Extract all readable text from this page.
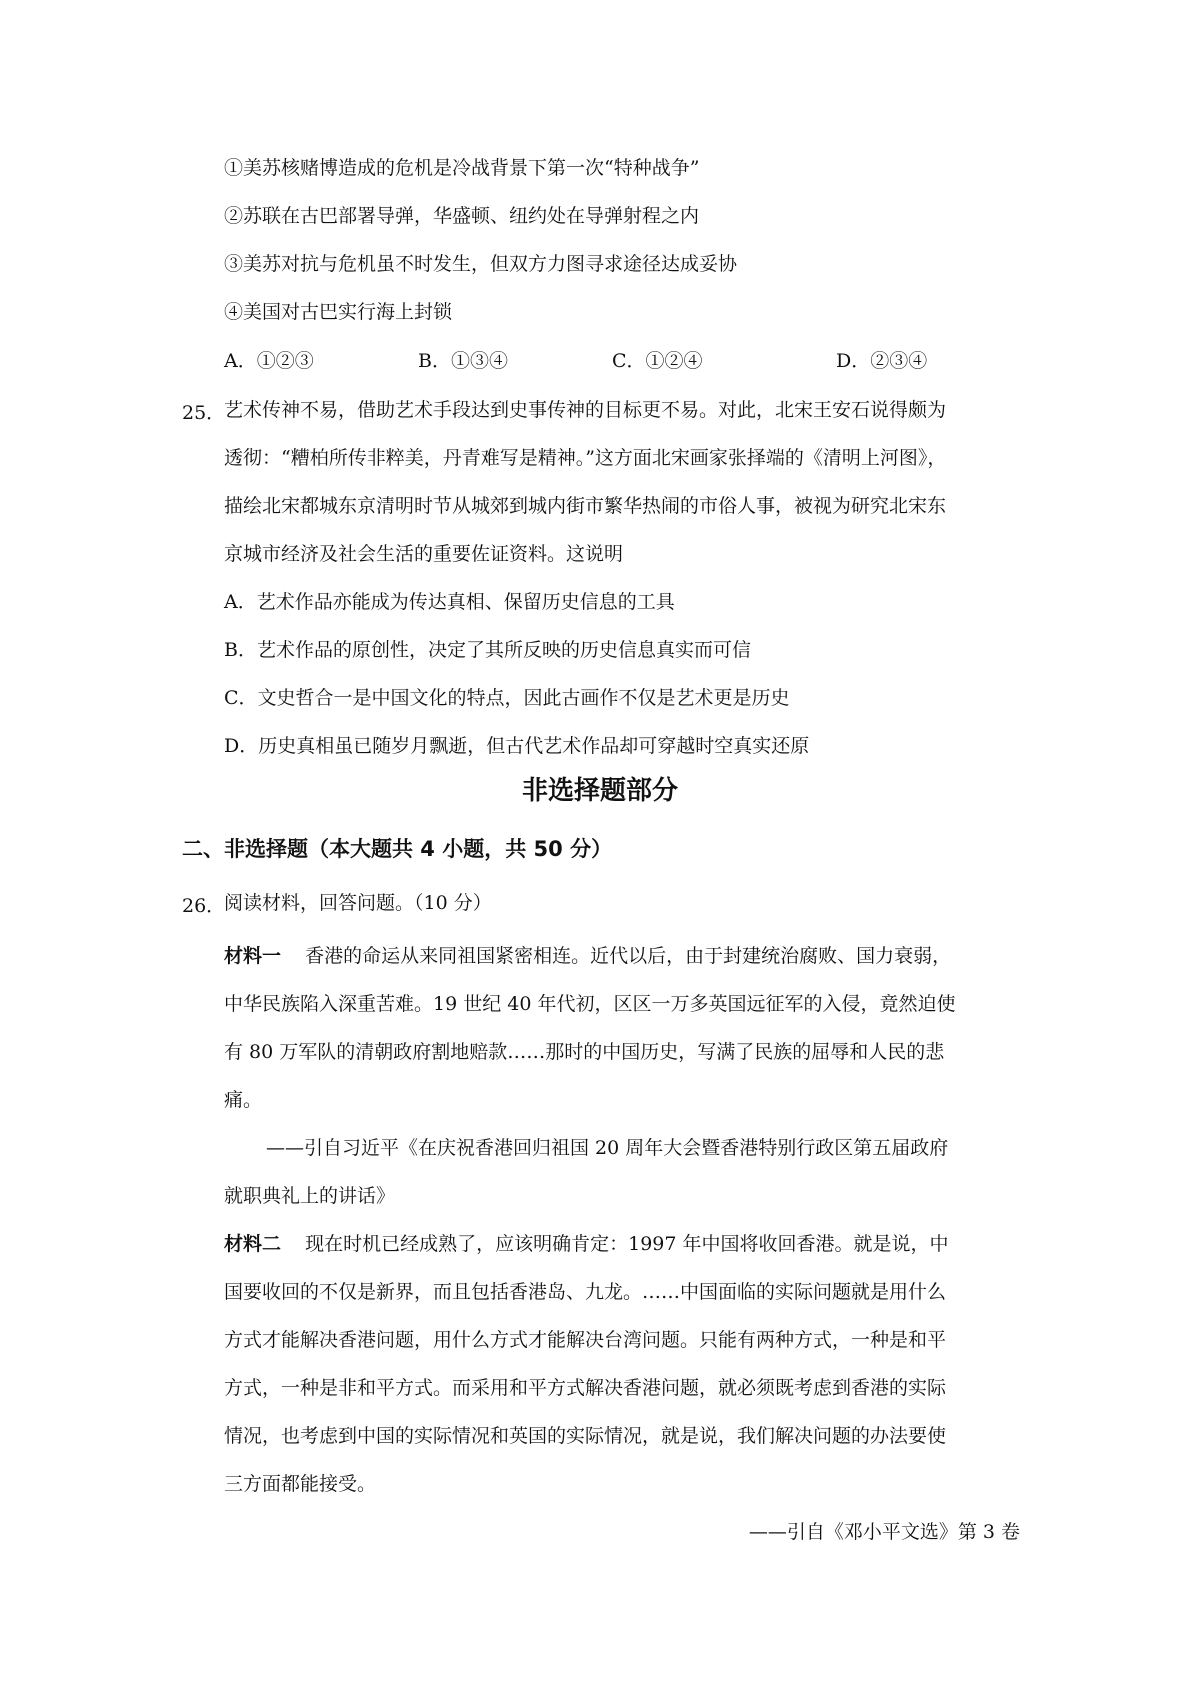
①美苏核赌博造成的危机是冷战背景下第一次“特种战争”
②苏联在古巴部署导弹，华盛顿、纽约处在导弹射程之内
③美苏对抗与危机虽不时发生，但双方力图寻求途径达成妥协
④美国对古巴实行海上封锁
A．①②③	B．①③④	C．①②④	D．②③④
25．
艺术传神不易，借助艺术手段达到史事传神的目标更不易。对此，北宋王安石说得颇为
透彻：“糟柏所传非粹美，丹青难写是精神。”这方面北宋画家张择端的《清明上河图》，
描绘北宋都城东京清明时节从城郊到城内街市繁华热闹的市俗人事，被视为研究北宋东
京城市经济及社会生活的重要佐证资料。这说明
A．艺术作品亦能成为传达真相、保留历史信息的工具
B．艺术作品的原创性，决定了其所反映的历史信息真实而可信
C．文史哲合一是中国文化的特点，因此古画作不仅是艺术更是历史
D．历史真相虽已随岁月飘逝，但古代艺术作品却可穿越时空真实还原
非选择题部分
二、非选择题（本大题共 4 小题，共 50 分）
26．
阅读材料，回答问题。（10 分）
材料一 香港的命运从来同祖国紧密相连。近代以后，由于封建统治腐败、国力衰弱，
中华民族陷入深重苦难。19 世纪 40 年代初，区区一万多英国远征军的入侵，竟然迫使
有 80 万军队的清朝政府割地赔款……那时的中国历史，写满了民族的屈辱和人民的悲
痛。
——引自习近平《在庆祝香港回归祖国 20 周年大会暨香港特别行政区第五届政府
就职典礼上的讲话》
材料二 现在时机已经成熟了，应该明确肯定：1997 年中国将收回香港。就是说，中
国要收回的不仅是新界，而且包括香港岛、九龙。……中国面临的实际问题就是用什么
方式才能解决香港问题，用什么方式才能解决台湾问题。只能有两种方式，一种是和平
方式，一种是非和平方式。而采用和平方式解决香港问题，就必须既考虑到香港的实际
情况，也考虑到中国的实际情况和英国的实际情况，就是说，我们解决问题的办法要使
三方面都能接受。
——引自《邓小平文选》第 3 卷
